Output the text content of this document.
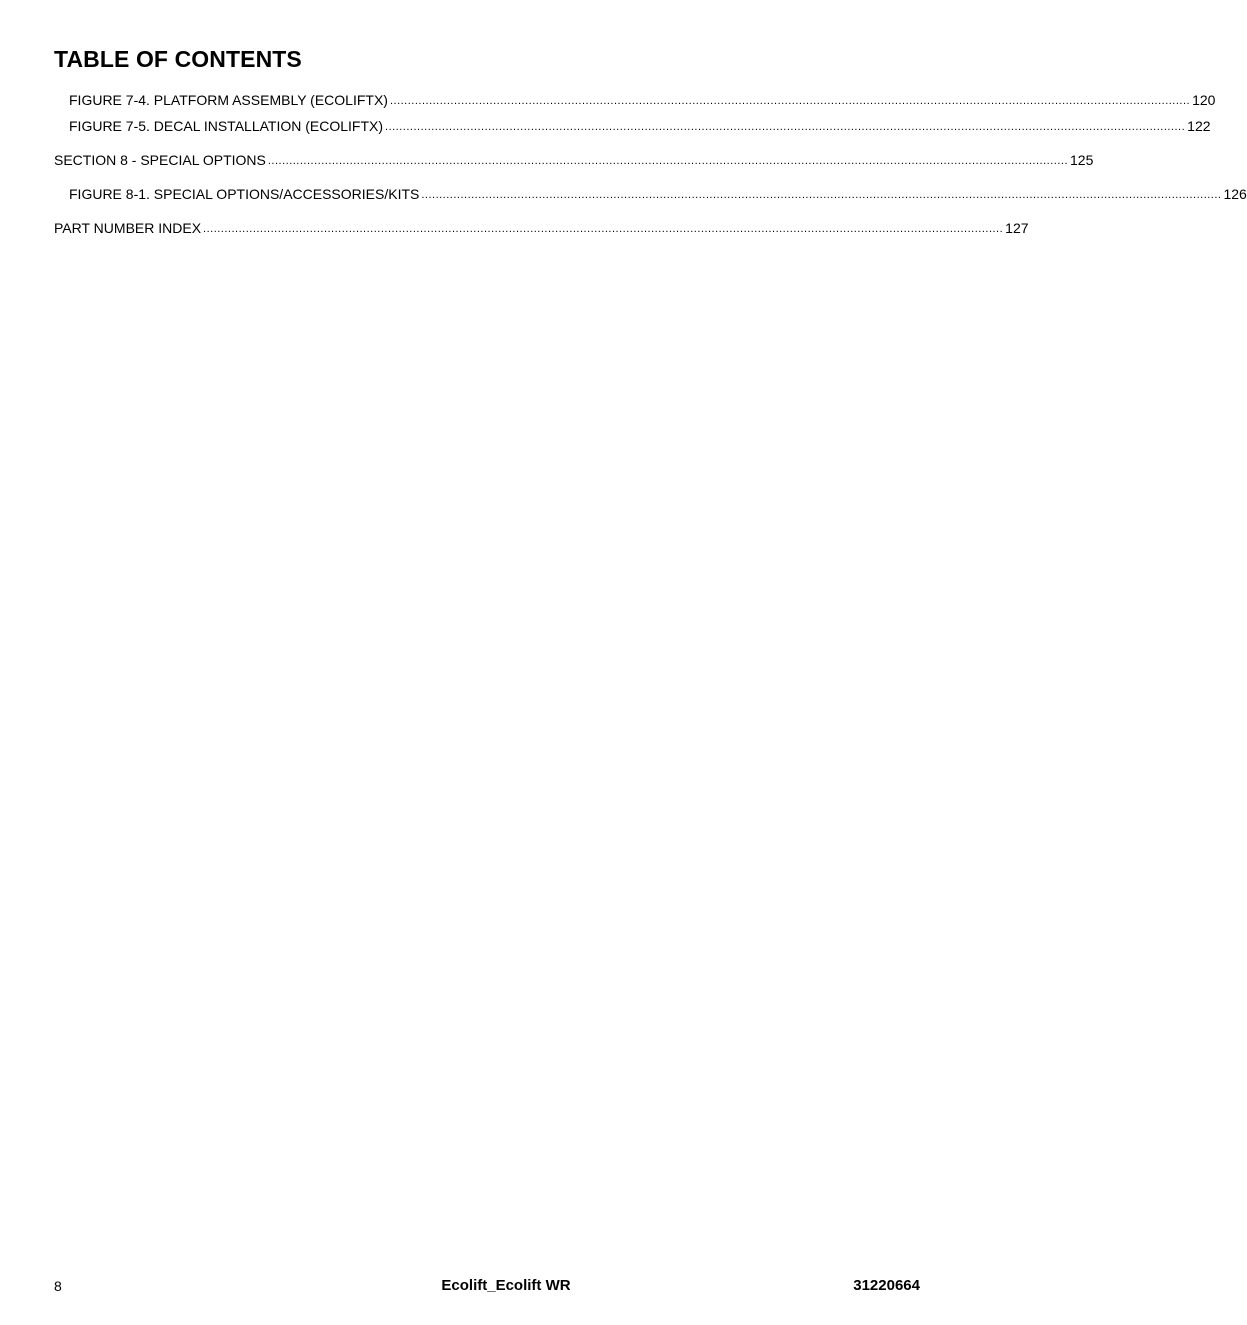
TABLE OF CONTENTS
FIGURE 7-4. PLATFORM ASSEMBLY (ECOLIFTX) ................................................................................................................................................................................................................................. 120
FIGURE 7-5. DECAL INSTALLATION (ECOLIFTX) ................................................................................................................................................................................................................................. 122
SECTION 8 - SPECIAL OPTIONS ................................................................................................................................................................................................................................. 125
FIGURE 8-1. SPECIAL OPTIONS/ACCESSORIES/KITS ................................................................................................................................................................................................................................. 126
PART NUMBER INDEX ................................................................................................................................................................................................................................. 127
8	Ecolift_Ecolift WR	31220664
